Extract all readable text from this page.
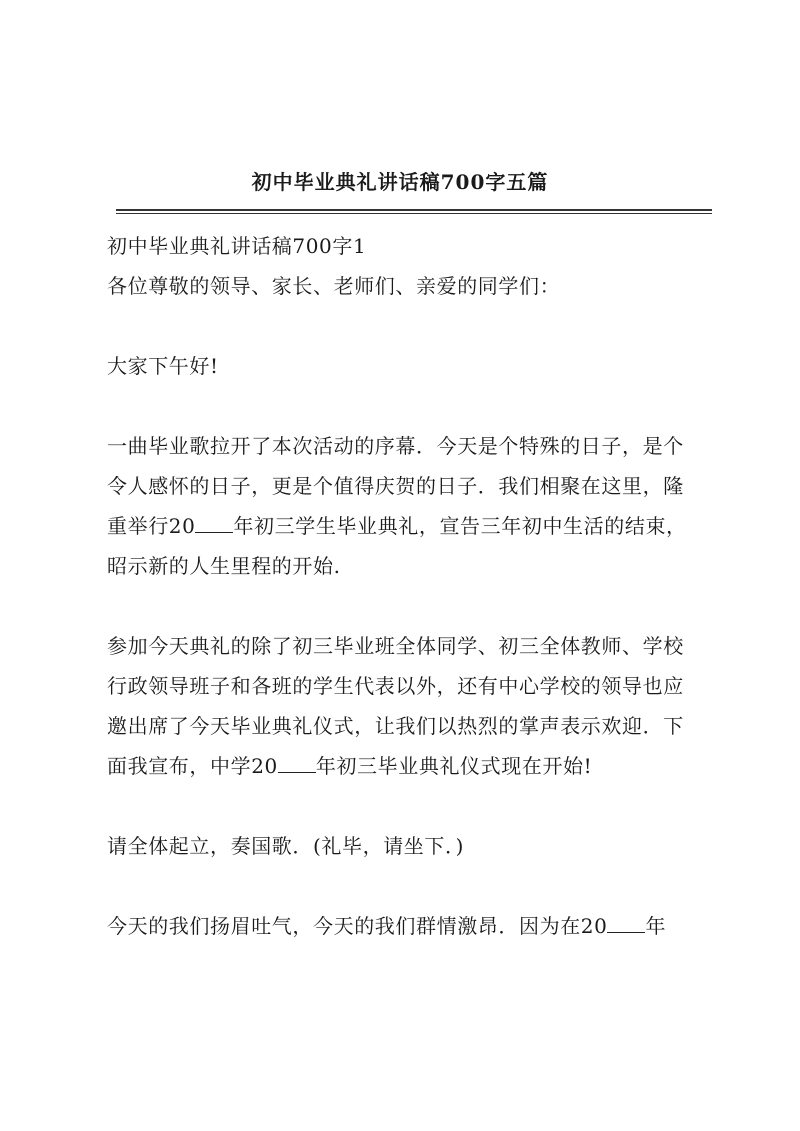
初中毕业典礼讲话稿700字五篇
初中毕业典礼讲话稿700字1
各位尊敬的领导、家长、老师们、亲爱的同学们：
大家下午好!
一曲毕业歌拉开了本次活动的序幕．今天是个特殊的日子，是个
令人感怀的日子，更是个值得庆贺的日子．我们相聚在这里，隆
重举行20 年初三学生毕业典礼，宣告三年初中生活的结束，
昭示新的人生里程的开始.
参加今天典礼的除了初三毕业班全体同学、初三全体教师、学校
行政领导班子和各班的学生代表以外，还有中心学校的领导也应
邀出席了今天毕业典礼仪式，让我们以热烈的掌声表示欢迎．下
面我宣布，中学20 年初三毕业典礼仪式现在开始!
请全体起立，奏国歌．(礼毕，请坐下．)
今天的我们扬眉吐气，今天的我们群情激昂．因为在20 年
